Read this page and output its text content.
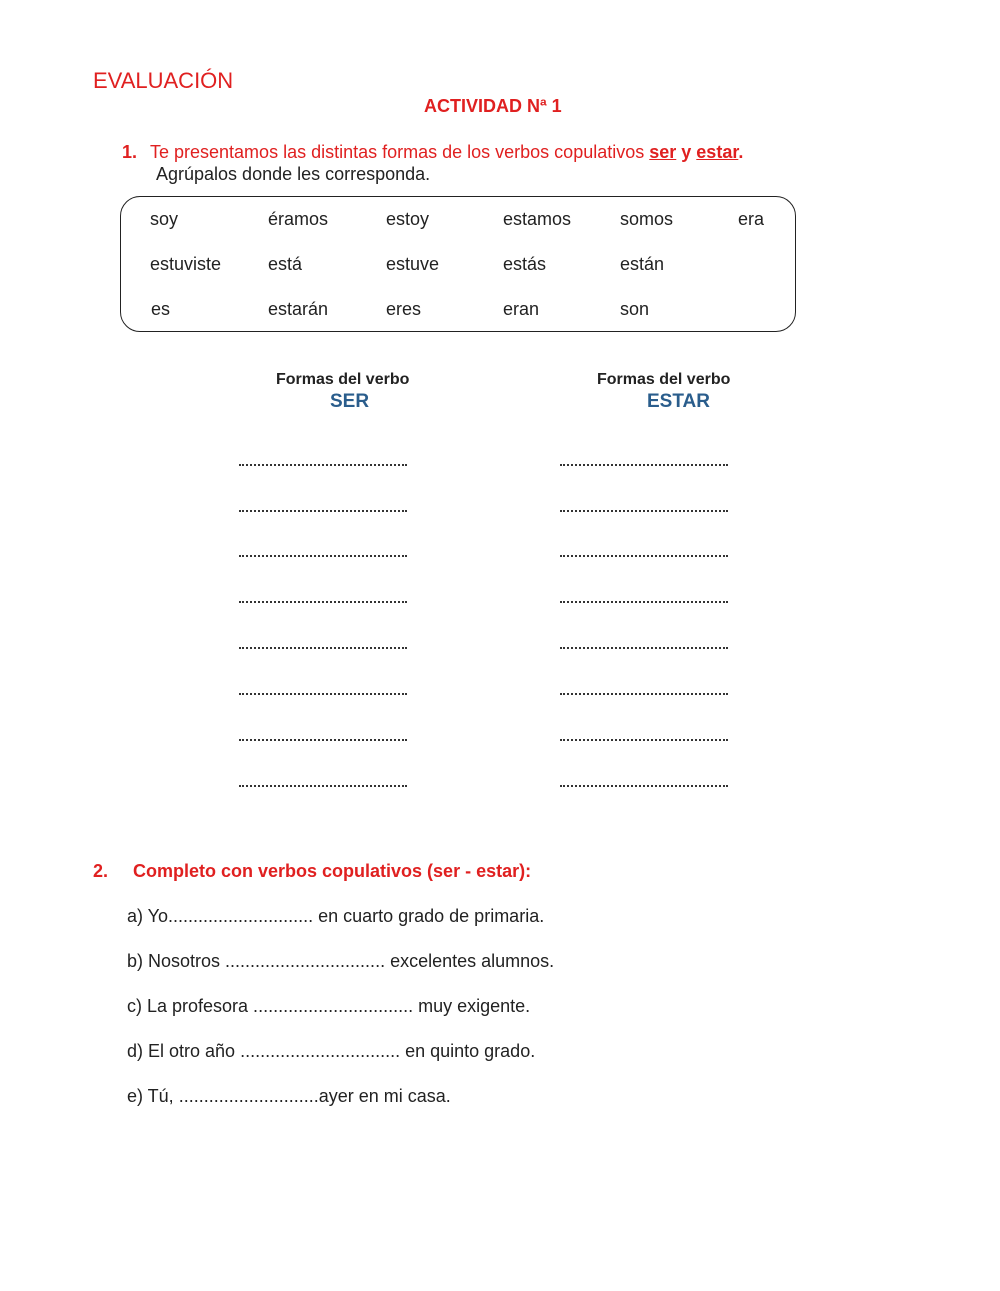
EVALUACIÓN
ACTIVIDAD Nª 1
1. Te presentamos las distintas formas de los verbos copulativos ser y estar.
Agrúpalos donde les corresponda.
soy	éramos	estoy	estamos	somos	era
estuviste	está	estuve	estás	están
es	estarán	eres	eran	son
Formas del verbo
SER
Formas del verbo
ESTAR
2. Completo con verbos copulativos (ser - estar):
a) Yo............................. en cuarto grado de primaria.
b) Nosotros ................................ excelentes alumnos.
c) La profesora ................................ muy exigente.
d) El otro año ................................ en quinto grado.
e) Tú, ............................ayer en mi casa.
